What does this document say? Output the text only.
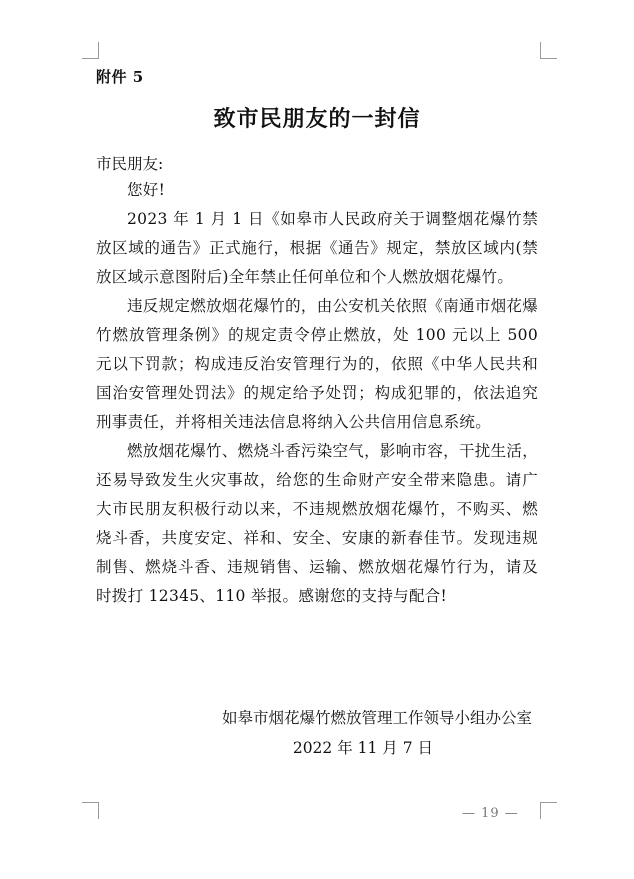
附件 5
致市民朋友的一封信
市民朋友:

您好!

2023 年 1 月 1 日《如皋市人民政府关于调整烟花爆竹禁放区域的通告》正式施行，根据《通告》规定，禁放区域内(禁放区域示意图附后)全年禁止任何单位和个人燃放烟花爆竹。

违反规定燃放烟花爆竹的，由公安机关依照《南通市烟花爆竹燃放管理条例》的规定责令停止燃放，处 100 元以上 500 元以下罚款；构成违反治安管理行为的，依照《中华人民共和国治安管理处罚法》的规定给予处罚；构成犯罪的，依法追究刑事责任，并将相关违法信息将纳入公共信用信息系统。

燃放烟花爆竹、燃烧斗香污染空气，影响市容，干扰生活，还易导致发生火灾事故，给您的生命财产安全带来隐患。请广大市民朋友积极行动以来，不违规燃放烟花爆竹，不购买、燃烧斗香，共度安定、祥和、安全、安康的新春佳节。发现违规制售、燃烧斗香、违规销售、运输、燃放烟花爆竹行为，请及时拨打 12345、110 举报。感谢您的支持与配合!

如皋市烟花爆竹燃放管理工作领导小组办公室
2022 年 11 月 7 日
— 19 —
